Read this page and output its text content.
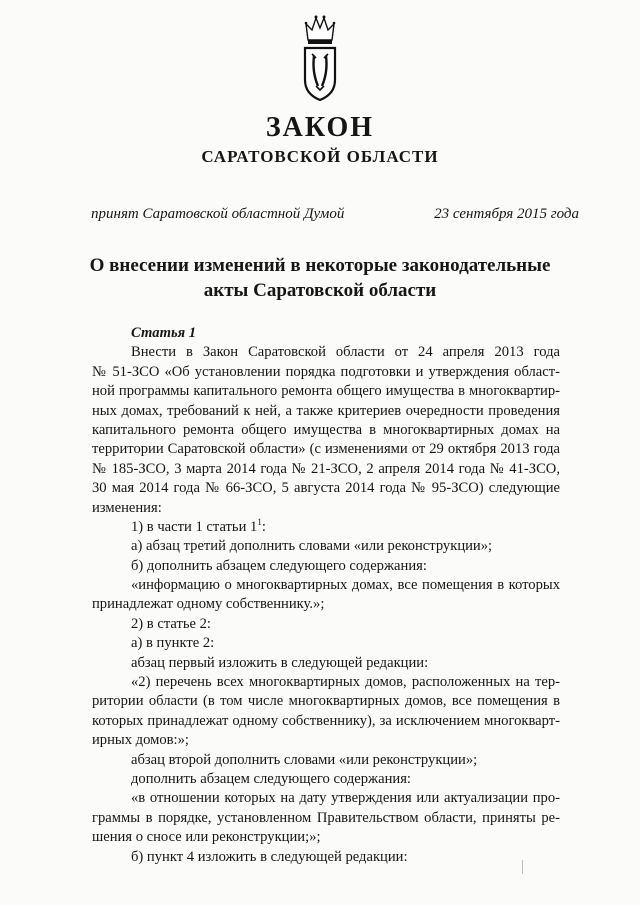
ЗАКОН
САРАТОВСКОЙ ОБЛАСТИ
принят Саратовской областной Думой	23 сентября 2015 года
О внесении изменений в некоторые законодательные
акты Саратовской области
Статья 1
Внести в Закон Саратовской области от 24 апреля 2013 года
№ 51-ЗСО «Об установлении порядка подготовки и утверждения област-
ной программы капитального ремонта общего имущества в многоквартир-
ных домах, требований к ней, а также критериев очередности проведения
капитального ремонта общего имущества в многоквартирных домах на
территории Саратовской области» (с изменениями от 29 октября 2013 года
№ 185-ЗСО, 3 марта 2014 года № 21-ЗСО, 2 апреля 2014 года № 41-ЗСО,
30 мая 2014 года № 66-ЗСО, 5 августа 2014 года № 95-ЗСО) следующие
изменения:
1) в части 1 статьи $1^1$:
а) абзац третий дополнить словами «или реконструкции»;
б) дополнить абзацем следующего содержания:
«информацию о многоквартирных домах, все помещения в которых
принадлежат одному собственнику.»;
2) в статье 2:
а) в пункте 2:
абзац первый изложить в следующей редакции:
«2) перечень всех многоквартирных домов, расположенных на тер-
ритории области (в том числе многоквартирных домов, все помещения в
которых принадлежат одному собственнику), за исключением многокварт-
ирных домов:»;
абзац второй дополнить словами «или реконструкции»;
дополнить абзацем следующего содержания:
«в отношении которых на дату утверждения или актуализации про-
граммы в порядке, установленном Правительством области, приняты ре-
шения о сносе или реконструкции;»;
б) пункт 4 изложить в следующей редакции:
